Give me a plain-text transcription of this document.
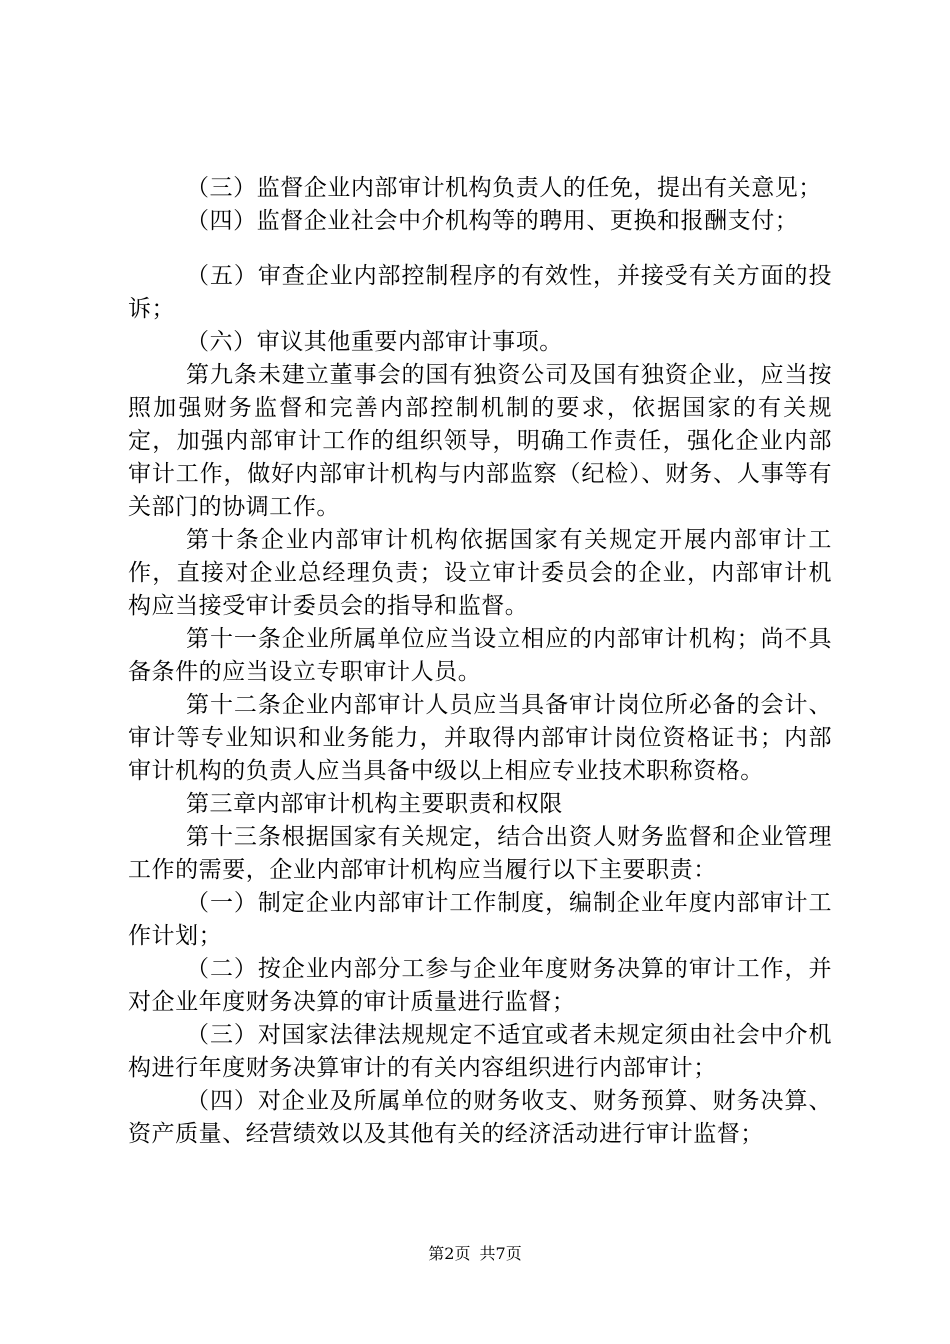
（三）监督企业内部审计机构负责人的任免，提出有关意见；

（四）监督企业社会中介机构等的聘用、更换和报酬支付；

（五）审查企业内部控制程序的有效性，并接受有关方面的投诉；

（六）审议其他重要内部审计事项。

第九条未建立董事会的国有独资公司及国有独资企业，应当按照加强财务监督和完善内部控制机制的要求，依据国家的有关规定，加强内部审计工作的组织领导，明确工作责任，强化企业内部审计工作，做好内部审计机构与内部监察（纪检）、财务、人事等有关部门的协调工作。

第十条企业内部审计机构依据国家有关规定开展内部审计工作，直接对企业总经理负责；设立审计委员会的企业，内部审计机构应当接受审计委员会的指导和监督。

第十一条企业所属单位应当设立相应的内部审计机构；尚不具备条件的应当设立专职审计人员。

第十二条企业内部审计人员应当具备审计岗位所必备的会计、审计等专业知识和业务能力，并取得内部审计岗位资格证书；内部审计机构的负责人应当具备中级以上相应专业技术职称资格。

第三章内部审计机构主要职责和权限

第十三条根据国家有关规定，结合出资人财务监督和企业管理工作的需要，企业内部审计机构应当履行以下主要职责：

（一）制定企业内部审计工作制度，编制企业年度内部审计工作计划；

（二）按企业内部分工参与企业年度财务决算的审计工作，并对企业年度财务决算的审计质量进行监督；

（三）对国家法律法规规定不适宜或者未规定须由社会中介机构进行年度财务决算审计的有关内容组织进行内部审计；

（四）对企业及所属单位的财务收支、财务预算、财务决算、资产质量、经营绩效以及其他有关的经济活动进行审计监督；

第2页 共7页
